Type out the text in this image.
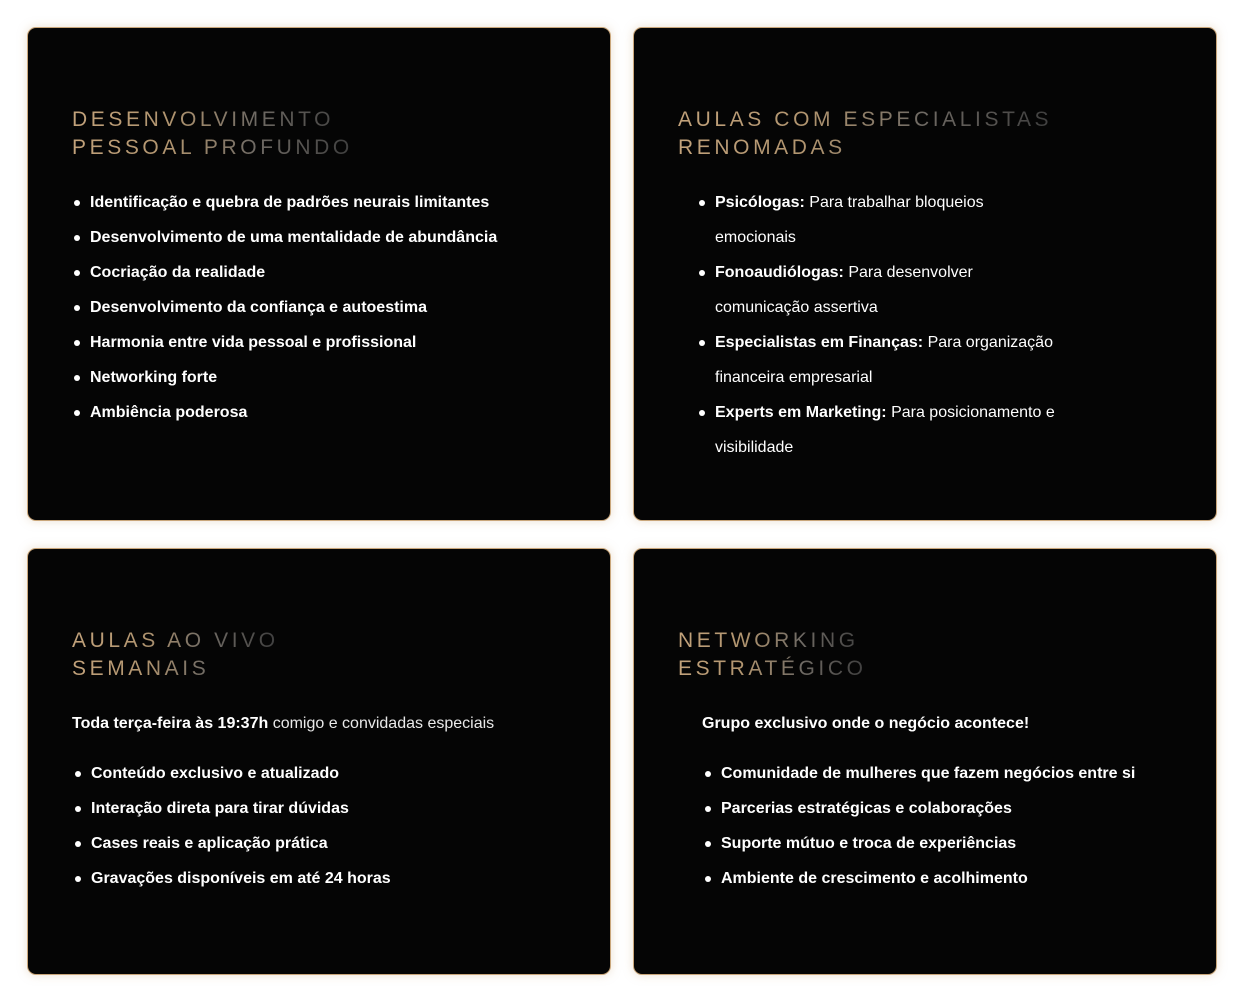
DESENVOLVIMENTO
PESSOAL PROFUNDO
Identificação e quebra de padrões neurais limitantes
Desenvolvimento de uma mentalidade de abundância
Cocriação da realidade
Desenvolvimento da confiança e autoestima
Harmonia entre vida pessoal e profissional
Networking forte
Ambiência poderosa
AULAS COM ESPECIALISTAS
RENOMADAS
Psicólogas: Para trabalhar bloqueios emocionais
Fonoaudiólogas: Para desenvolver comunicação assertiva
Especialistas em Finanças: Para organização financeira empresarial
Experts em Marketing: Para posicionamento e visibilidade
AULAS AO VIVO
SEMANAIS

Toda terça-feira às 19:37h comigo e convidadas especiais

Conteúdo exclusivo e atualizado
Interação direta para tirar dúvidas
Cases reais e aplicação prática
Gravações disponíveis em até 24 horas
NETWORKING
ESTRATÉGICO

Grupo exclusivo onde o negócio acontece!

Comunidade de mulheres que fazem negócios entre si
Parcerias estratégicas e colaborações
Suporte mútuo e troca de experiências
Ambiente de crescimento e acolhimento
